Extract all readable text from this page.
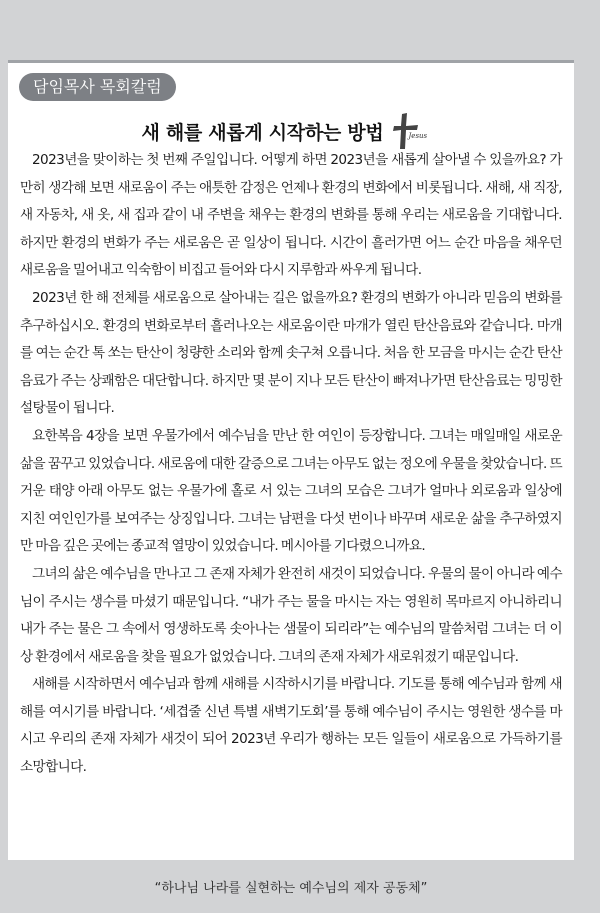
담임목사 목회칼럼
새 해를 새롭게 시작하는 방법	Jesus

2023년을 맞이하는 첫 번째 주일입니다. 어떻게 하면 2023년을 새롭게 살아낼 수 있을까요? 가만히 생각해 보면 새로움이 주는 애틋한 감정은 언제나 환경의 변화에서 비롯됩니다. 새해, 새 직장, 새 자동차, 새 옷, 새 집과 같이 내 주변을 채우는 환경의 변화를 통해 우리는 새로움을 기대합니다. 하지만 환경의 변화가 주는 새로움은 곧 일상이 됩니다. 시간이 흘러가면 어느 순간 마음을 채우던 새로움을 밀어내고 익숙함이 비집고 들어와 다시 지루함과 싸우게 됩니다.

2023년 한 해 전체를 새로움으로 살아내는 길은 없을까요? 환경의 변화가 아니라 믿음의 변화를 추구하십시오. 환경의 변화로부터 흘러나오는 새로움이란 마개가 열린 탄산음료와 같습니다. 마개를 여는 순간 톡 쏘는 탄산이 청량한 소리와 함께 솟구쳐 오릅니다. 처음 한 모금을 마시는 순간 탄산음료가 주는 상쾌함은 대단합니다. 하지만 몇 분이 지나 모든 탄산이 빠져나가면 탄산음료는 밍밍한 설탕물이 됩니다.

요한복음 4장을 보면 우물가에서 예수님을 만난 한 여인이 등장합니다. 그녀는 매일매일 새로운 삶을 꿈꾸고 있었습니다. 새로움에 대한 갈증으로 그녀는 아무도 없는 정오에 우물을 찾았습니다. 뜨거운 태양 아래 아무도 없는 우물가에 홀로 서 있는 그녀의 모습은 그녀가 얼마나 외로움과 일상에 지친 여인인가를 보여주는 상징입니다. 그녀는 남편을 다섯 번이나 바꾸며 새로운 삶을 추구하였지만 마음 깊은 곳에는 종교적 열망이 있었습니다. 메시아를 기다렸으니까요.

그녀의 삶은 예수님을 만나고 그 존재 자체가 완전히 새것이 되었습니다. 우물의 물이 아니라 예수님이 주시는 생수를 마셨기 때문입니다. “내가 주는 물을 마시는 자는 영원히 목마르지 아니하리니 내가 주는 물은 그 속에서 영생하도록 솟아나는 샘물이 되리라”는 예수님의 말씀처럼 그녀는 더 이상 환경에서 새로움을 찾을 필요가 없었습니다. 그녀의 존재 자체가 새로워졌기 때문입니다.

새해를 시작하면서 예수님과 함께 새해를 시작하시기를 바랍니다. 기도를 통해 예수님과 함께 새해를 여시기를 바랍니다. ‘세겹줄 신년 특별 새벽기도회’를 통해 예수님이 주시는 영원한 생수를 마시고 우리의 존재 자체가 새것이 되어 2023년 우리가 행하는 모든 일들이 새로움으로 가득하기를 소망합니다.

“하나님 나라를 실현하는 예수님의 제자 공동체”
